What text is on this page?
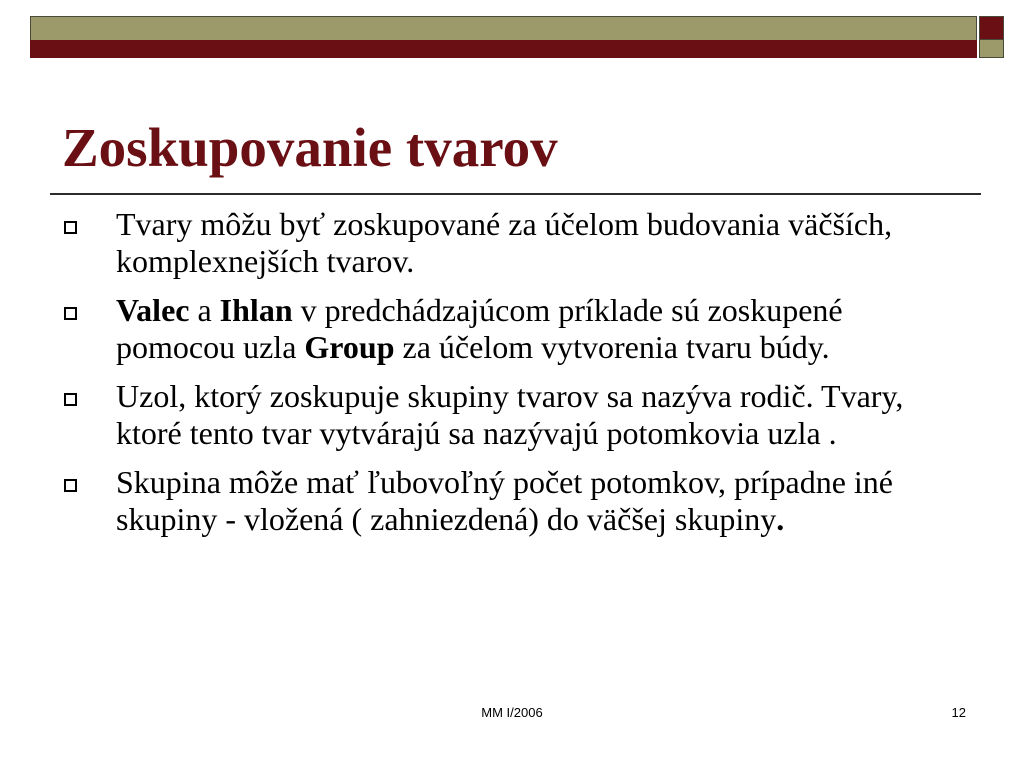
Zoskupovanie tvarov
Tvary môžu byť zoskupované za účelom budovania väčších, komplexnejších tvarov.
Valec a Ihlan v predchádzajúcom príklade sú zoskupené pomocou uzla Group za účelom vytvorenia tvaru búdy.
Uzol, ktorý zoskupuje skupiny tvarov sa nazýva rodič. Tvary, ktoré tento tvar vytvárajú sa nazývajú potomkovia uzla .
Skupina môže mať ľubovoľný počet potomkov, prípadne iné skupiny - vložená ( zahniezdená) do väčšej skupiny.
MM I/2006	12
